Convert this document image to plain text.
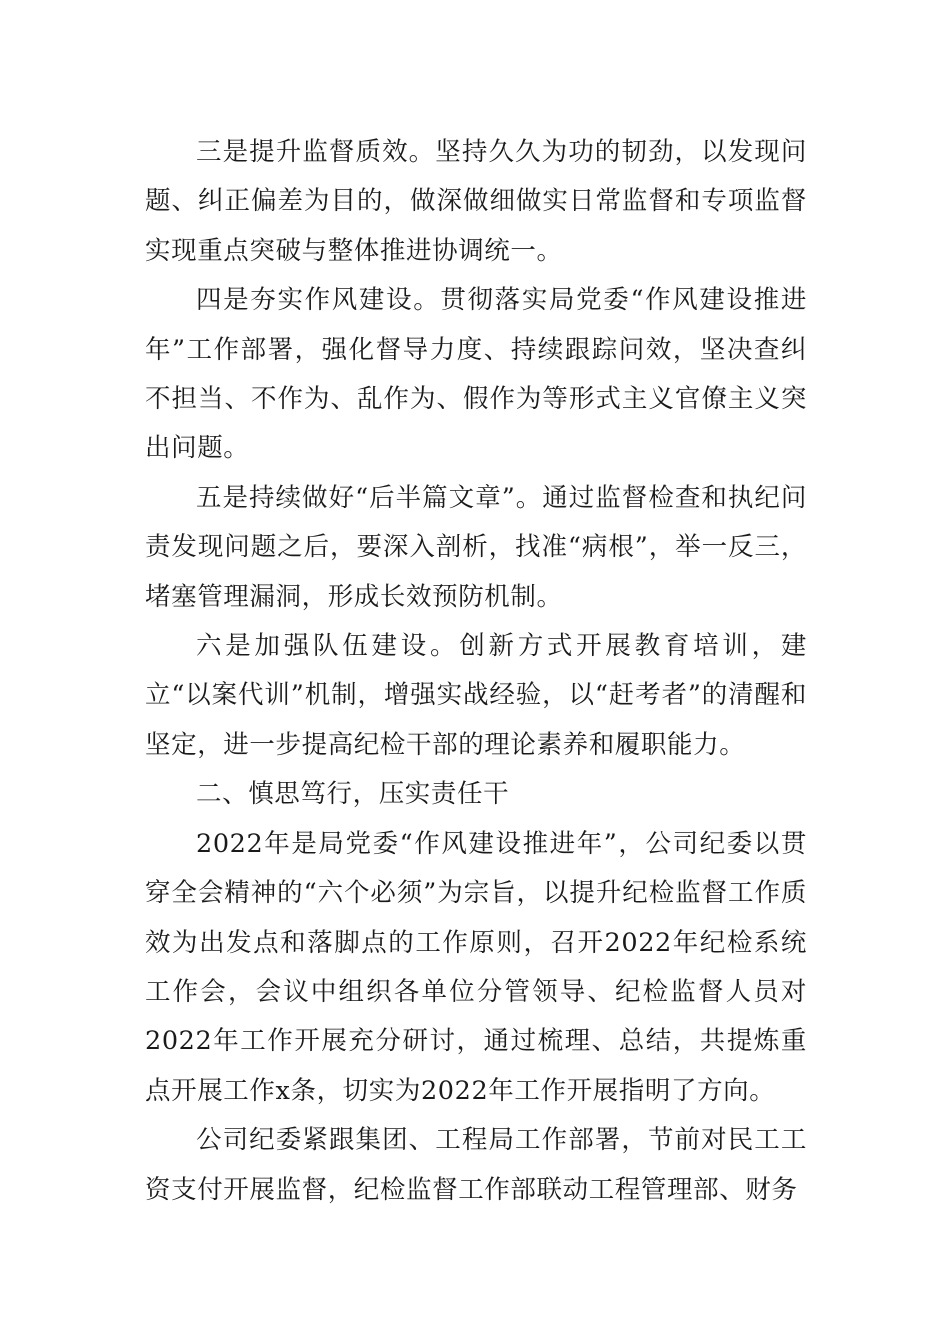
三是提升监督质效。坚持久久为功的韧劲，以发现问题、纠正偏差为目的，做深做细做实日常监督和专项监督实现重点突破与整体推进协调统一。

四是夯实作风建设。贯彻落实局党委“作风建设推进年”工作部署，强化督导力度、持续跟踪问效，坚决查纠不担当、不作为、乱作为、假作为等形式主义官僚主义突出问题。

五是持续做好“后半篇文章”。通过监督检查和执纪问责发现问题之后，要深入剖析，找准“病根”，举一反三，堵塞管理漏洞，形成长效预防机制。

六是加强队伍建设。创新方式开展教育培训，建立“以案代训”机制，增强实战经验，以“赶考者”的清醒和坚定，进一步提高纪检干部的理论素养和履职能力。

二、慎思笃行，压实责任干

2022年是局党委“作风建设推进年”，公司纪委以贯穿全会精神的“六个必须”为宗旨，以提升纪检监督工作质效为出发点和落脚点的工作原则，召开2022年纪检系统工作会，会议中组织各单位分管领导、纪检监督人员对2022年工作开展充分研讨，通过梳理、总结，共提炼重点开展工作x条，切实为2022年工作开展指明了方向。

公司纪委紧跟集团、工程局工作部署，节前对民工工资支付开展监督，纪检监督工作部联动工程管理部、财务
